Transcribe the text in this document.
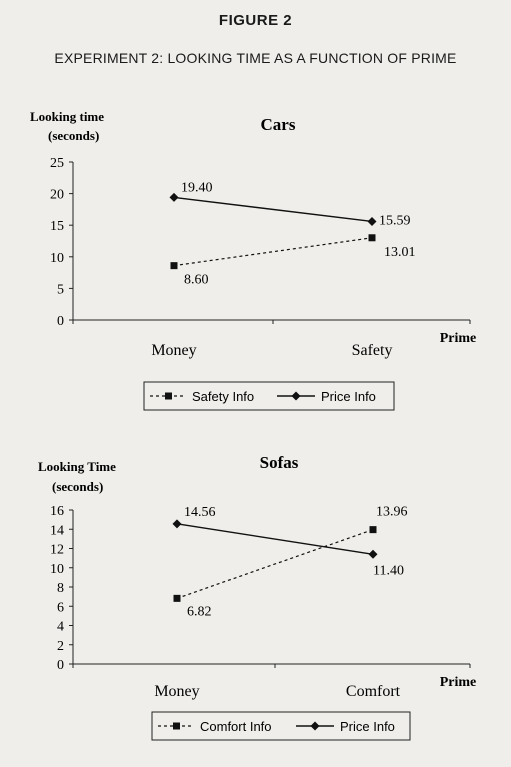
FIGURE 2
EXPERIMENT 2: LOOKING TIME AS A FUNCTION OF PRIME
Cars
Looking time
(seconds)
0
5
10
15
20
25
Money	Safety
Prime
8.60
13.01
19.40
15.59
Safety Info	Price Info
Sofas
Looking Time
(seconds)
0
2
4
6
8
10
12
14
16
Money	Comfort
Prime
6.82
13.96
14.56
11.40
Comfort Info	Price Info
